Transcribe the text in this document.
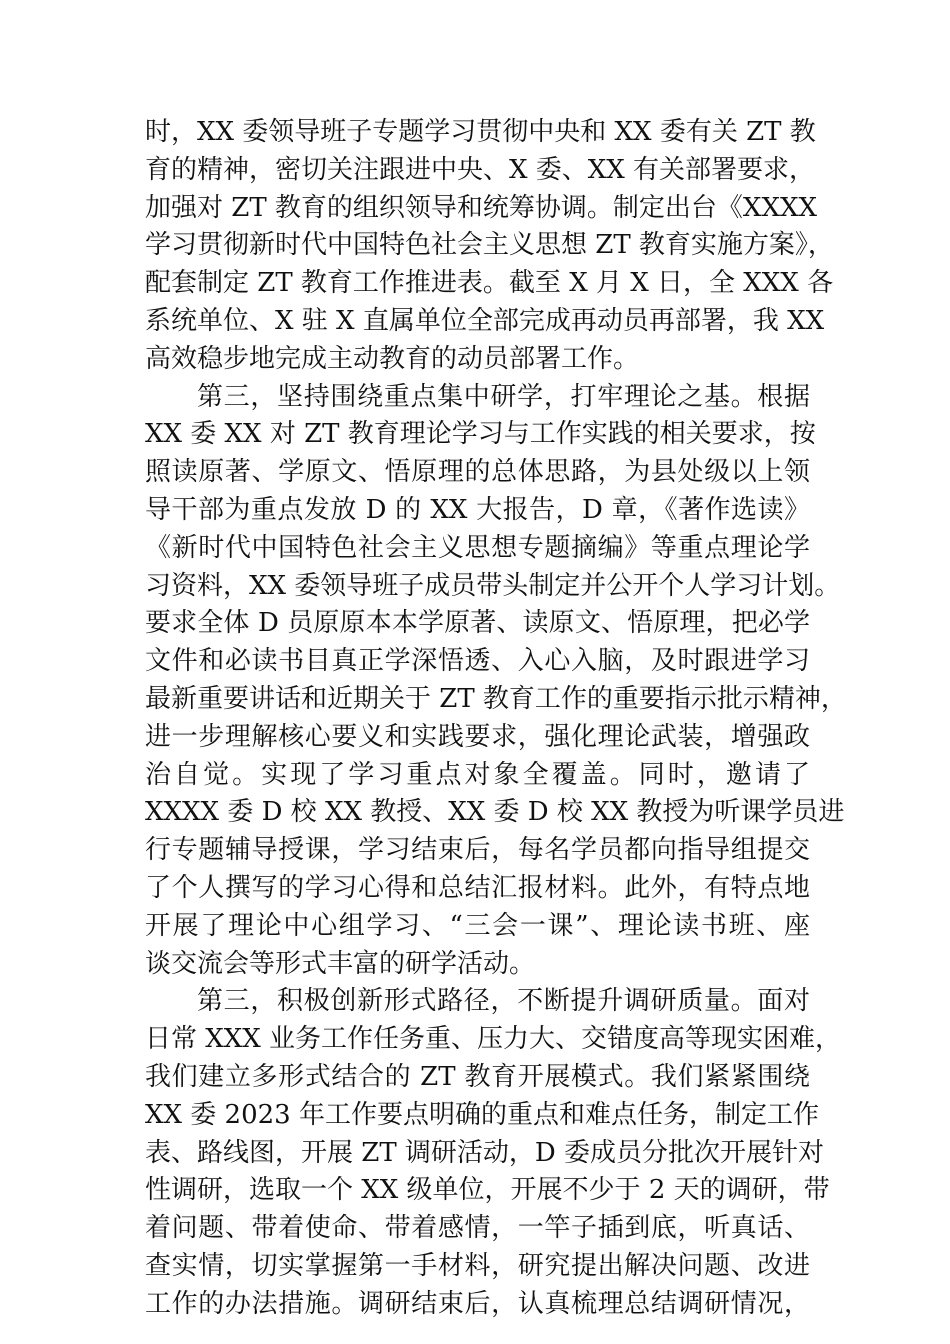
时，XX 委领导班子专题学习贯彻中央和 XX 委有关 ZT 教
育的精神，密切关注跟进中央、X 委、XX 有关部署要求，
加强对 ZT 教育的组织领导和统筹协调。制定出台《XXXX
学习贯彻新时代中国特色社会主义思想 ZT 教育实施方案》，
配套制定 ZT 教育工作推进表。截至 X 月 X 日，全 XXX 各
系统单位、X 驻 X 直属单位全部完成再动员再部署，我 XX
高效稳步地完成主动教育的动员部署工作。
第三，坚持围绕重点集中研学，打牢理论之基。根据
XX 委 XX 对 ZT 教育理论学习与工作实践的相关要求，按
照读原著、学原文、悟原理的总体思路，为县处级以上领
导干部为重点发放 D 的 XX 大报告，D 章，《著作选读》
《新时代中国特色社会主义思想专题摘编》等重点理论学
习资料，XX 委领导班子成员带头制定并公开个人学习计划。
要求全体 D 员原原本本学原著、读原文、悟原理，把必学
文件和必读书目真正学深悟透、入心入脑，及时跟进学习
最新重要讲话和近期关于 ZT 教育工作的重要指示批示精神，
进一步理解核心要义和实践要求，强化理论武装，增强政
治自觉。实现了学习重点对象全覆盖。同时，邀请了
XXXX 委 D 校 XX 教授、XX 委 D 校 XX 教授为听课学员进
行专题辅导授课，学习结束后，每名学员都向指导组提交
了个人撰写的学习心得和总结汇报材料。此外，有特点地
开展了理论中心组学习、“三会一课”、理论读书班、座
谈交流会等形式丰富的研学活动。
第三，积极创新形式路径，不断提升调研质量。面对
日常 XXX 业务工作任务重、压力大、交错度高等现实困难，
我们建立多形式结合的 ZT 教育开展模式。我们紧紧围绕
XX 委 2023 年工作要点明确的重点和难点任务，制定工作
表、路线图，开展 ZT 调研活动，D 委成员分批次开展针对
性调研，选取一个 XX 级单位，开展不少于 2 天的调研，带
着问题、带着使命、带着感情，一竿子插到底，听真话、
查实情，切实掌握第一手材料，研究提出解决问题、改进
工作的办法措施。调研结束后，认真梳理总结调研情况，
